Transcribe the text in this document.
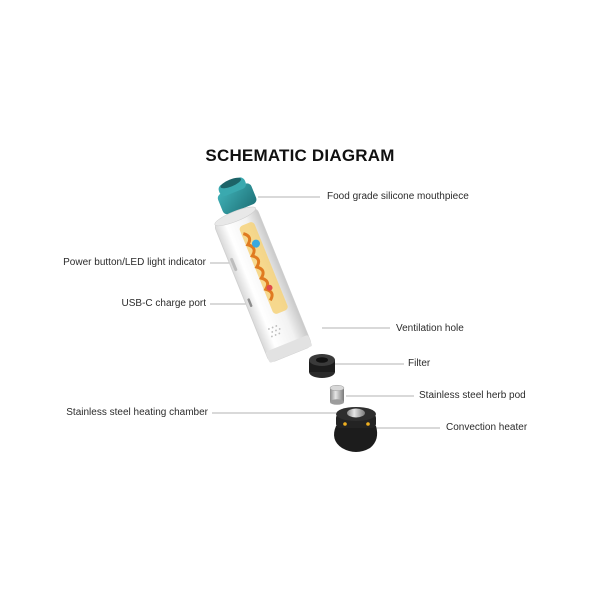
SCHEMATIC DIAGRAM
Food grade silicone mouthpiece
Power button/LED light indicator
USB-C charge port
Ventilation hole
Filter
Stainless steel herb pod
Stainless steel heating chamber
Convection heater
